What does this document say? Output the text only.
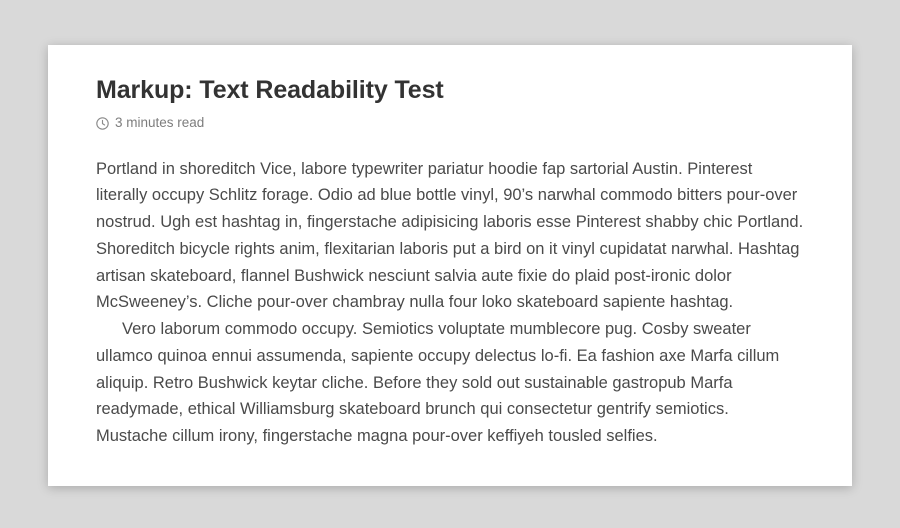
Markup: Text Readability Test
3 minutes read

Portland in shoreditch Vice, labore typewriter pariatur hoodie fap sartorial Austin. Pinterest literally occupy Schlitz forage. Odio ad blue bottle vinyl, 90’s narwhal commodo bitters pour-over nostrud. Ugh est hashtag in, fingerstache adipisicing laboris esse Pinterest shabby chic Portland. Shoreditch bicycle rights anim, flexitarian laboris put a bird on it vinyl cupidatat narwhal. Hashtag artisan skateboard, flannel Bushwick nesciunt salvia aute fixie do plaid post-ironic dolor McSweeney’s. Cliche pour-over chambray nulla four loko skateboard sapiente hashtag.

Vero laborum commodo occupy. Semiotics voluptate mumblecore pug. Cosby sweater ullamco quinoa ennui assumenda, sapiente occupy delectus lo-fi. Ea fashion axe Marfa cillum aliquip. Retro Bushwick keytar cliche. Before they sold out sustainable gastropub Marfa readymade, ethical Williamsburg skateboard brunch qui consectetur gentrify semiotics. Mustache cillum irony, fingerstache magna pour-over keffiyeh tousled selfies.
